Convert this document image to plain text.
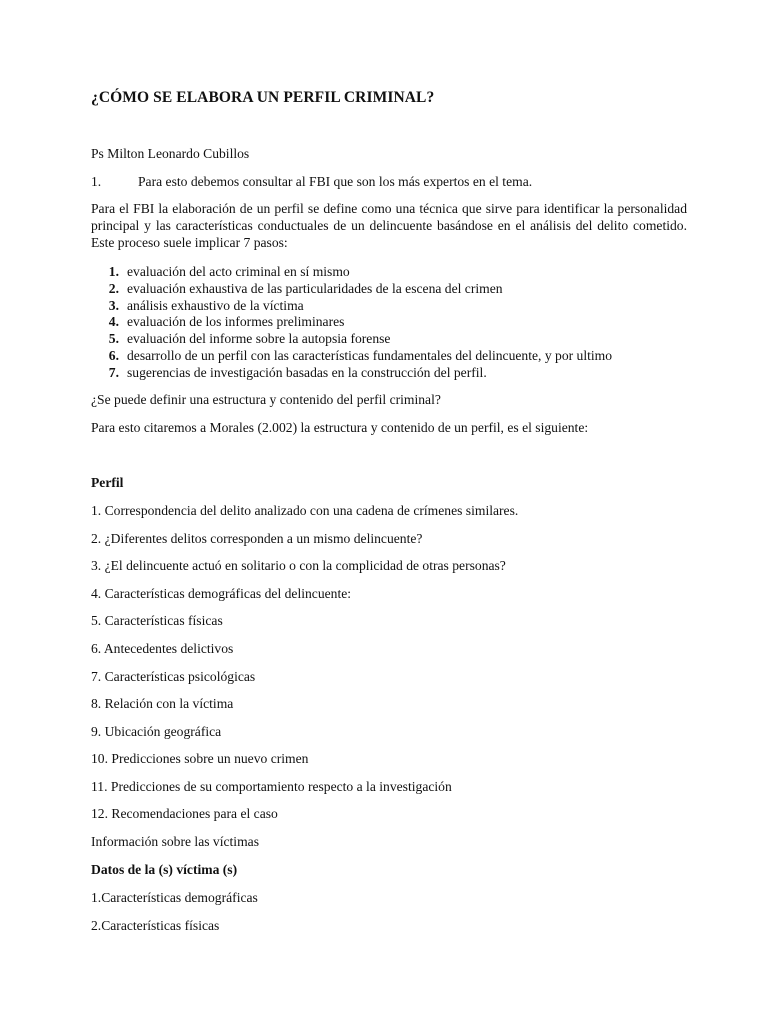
¿CÓMO SE ELABORA UN PERFIL CRIMINAL?
Ps Milton Leonardo Cubillos
1.	Para esto debemos consultar al FBI que son los más expertos en el tema.
Para el FBI la elaboración de un perfil se define como una técnica que sirve para identificar la personalidad principal y las características conductuales de un delincuente basándose en el análisis del delito cometido. Este proceso suele implicar 7 pasos:
1. evaluación del acto criminal en sí mismo
2. evaluación exhaustiva de las particularidades de la escena del crimen
3. análisis exhaustivo de la víctima
4. evaluación de los informes preliminares
5. evaluación del informe sobre la autopsia forense
6. desarrollo de un perfil con las características fundamentales del delincuente, y por ultimo
7. sugerencias de investigación basadas en la construcción del perfil.
¿Se puede definir una estructura y contenido del perfil criminal?
Para esto citaremos a Morales (2.002) la estructura y contenido de un perfil, es el siguiente:
Perfil
1. Correspondencia del delito analizado con una cadena de crímenes similares.
2. ¿Diferentes delitos corresponden a un mismo delincuente?
3. ¿El delincuente actuó en solitario o con la complicidad de otras personas?
4. Características demográficas del delincuente:
5. Características físicas
6. Antecedentes delictivos
7. Características psicológicas
8. Relación con la víctima
9. Ubicación geográfica
10. Predicciones sobre un nuevo crimen
11. Predicciones de su comportamiento respecto a la investigación
12. Recomendaciones para el caso
Información sobre las víctimas
Datos de la (s) víctima (s)
1.Características demográficas
2.Características físicas
